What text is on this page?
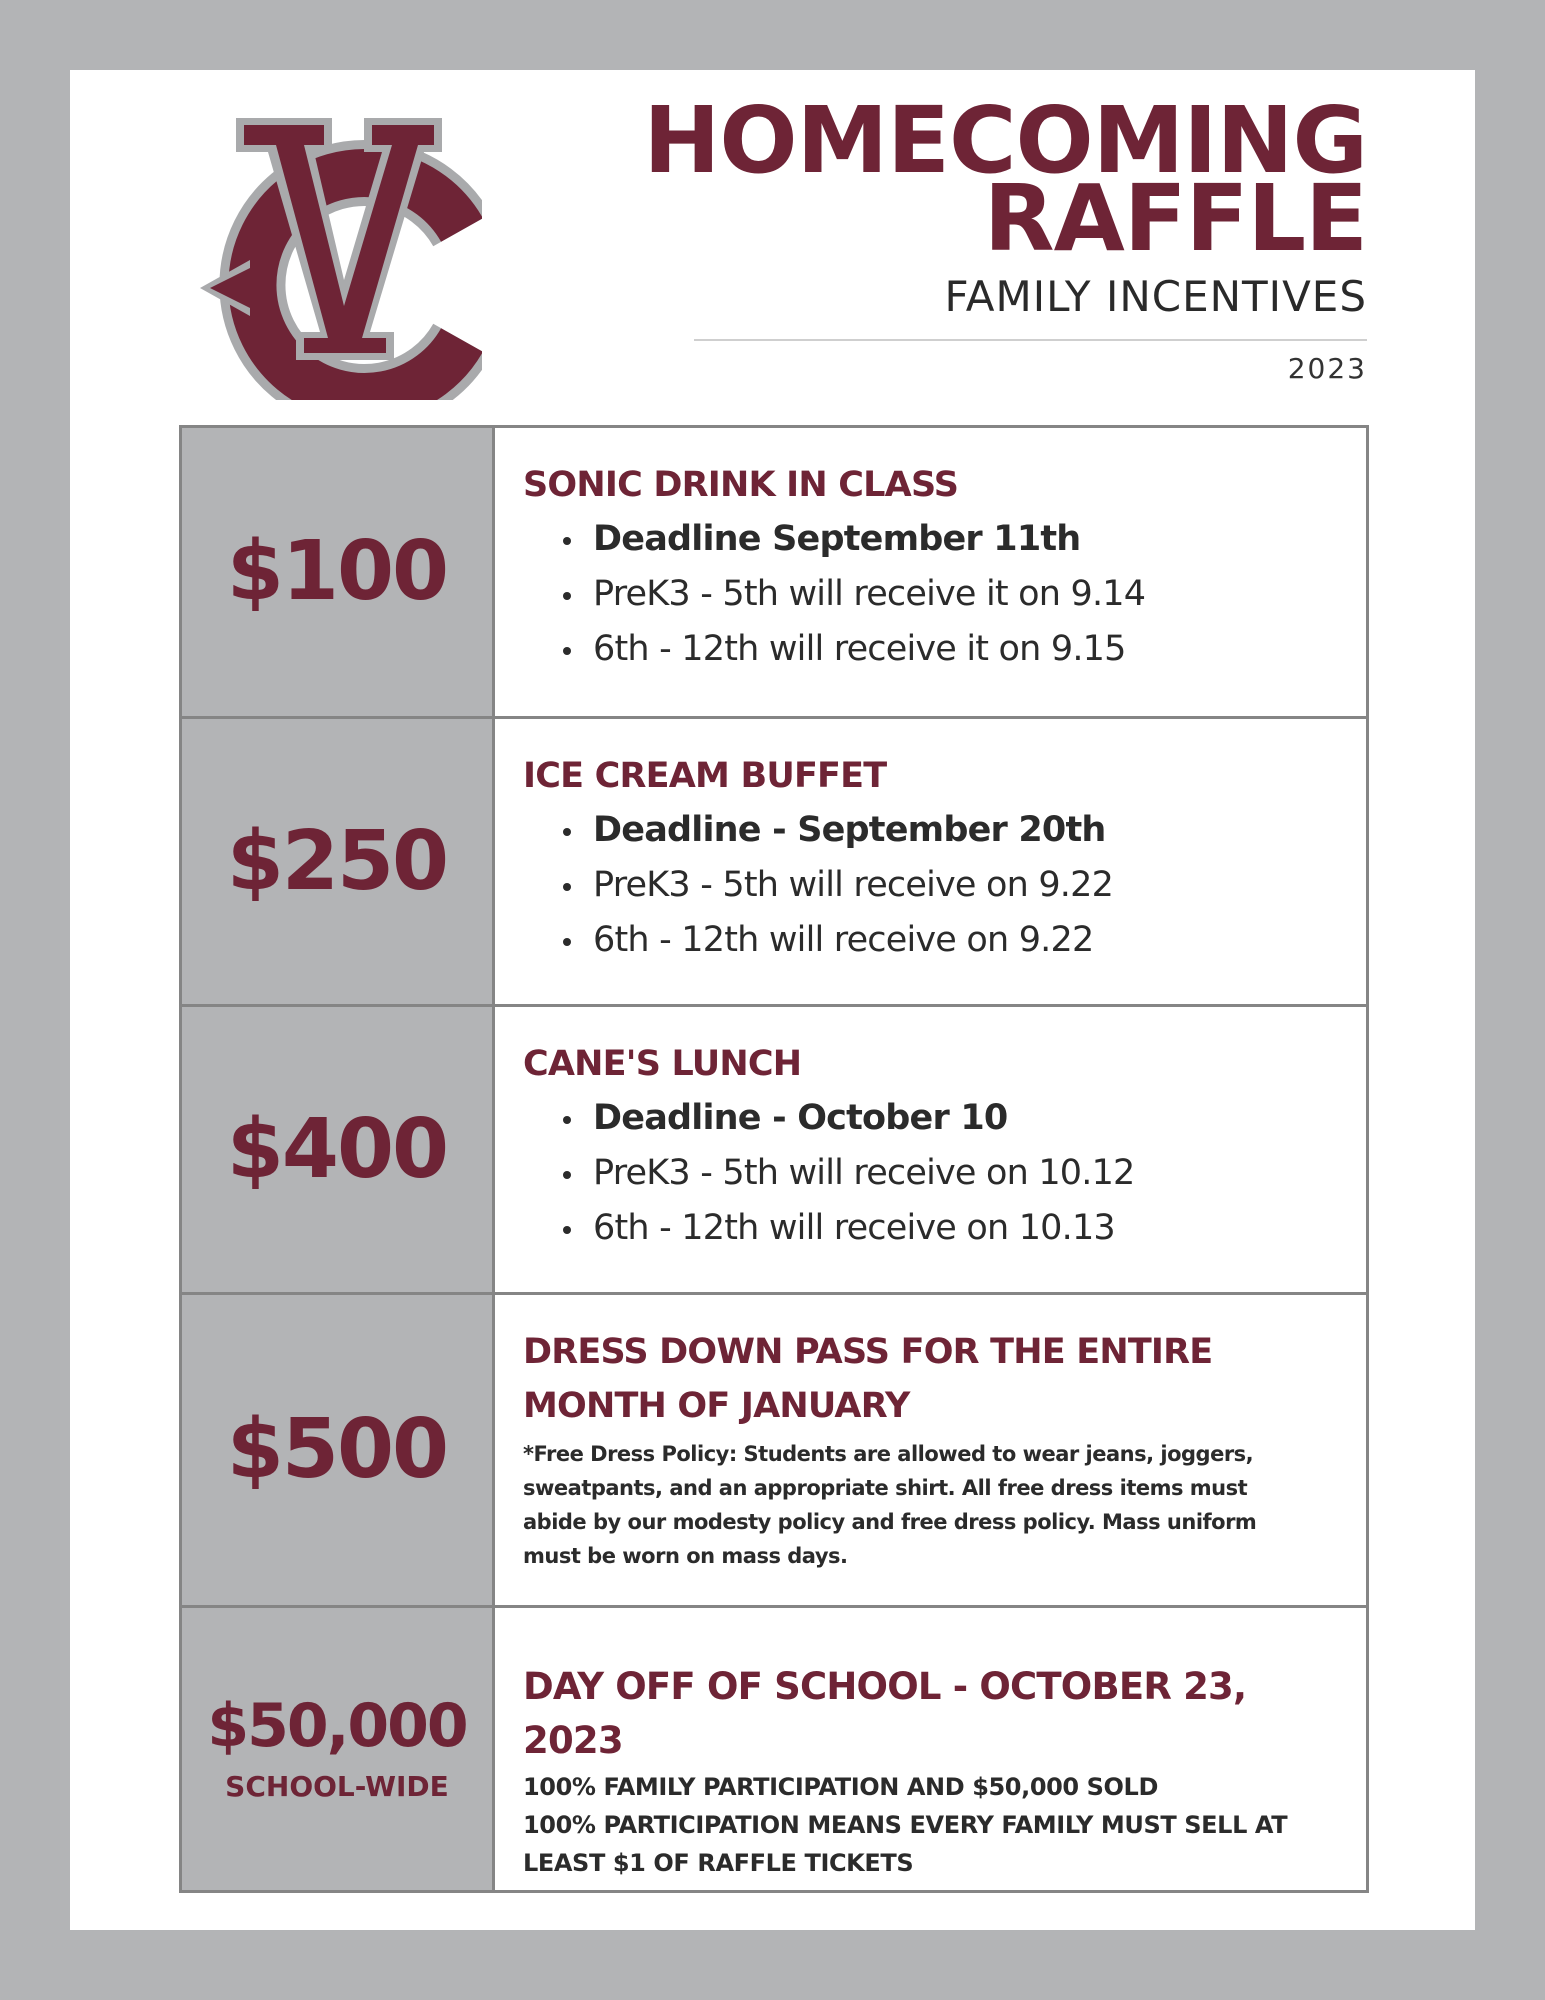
HOMECOMING
RAFFLE
FAMILY INCENTIVES
2023
$100
SONIC DRINK IN CLASS
Deadline September 11th
PreK3 - 5th will receive it on 9.14
6th - 12th will receive it on 9.15
$250
ICE CREAM BUFFET
Deadline - September 20th
PreK3 - 5th will receive on 9.22
6th - 12th will receive on 9.22
$400
CANE'S LUNCH
Deadline - October 10
PreK3 - 5th will receive on 10.12
6th - 12th will receive on 10.13
$500
DRESS DOWN PASS FOR THE ENTIRE
MONTH OF JANUARY
*Free Dress Policy: Students are allowed to wear jeans, joggers,
sweatpants, and an appropriate shirt. All free dress items must
abide by our modesty policy and free dress policy. Mass uniform
must be worn on mass days.
$50,000
SCHOOL-WIDE
DAY OFF OF SCHOOL - OCTOBER 23, 2023
100% FAMILY PARTICIPATION AND $50,000 SOLD
100% PARTICIPATION MEANS EVERY FAMILY MUST SELL AT
LEAST $1 OF RAFFLE TICKETS
